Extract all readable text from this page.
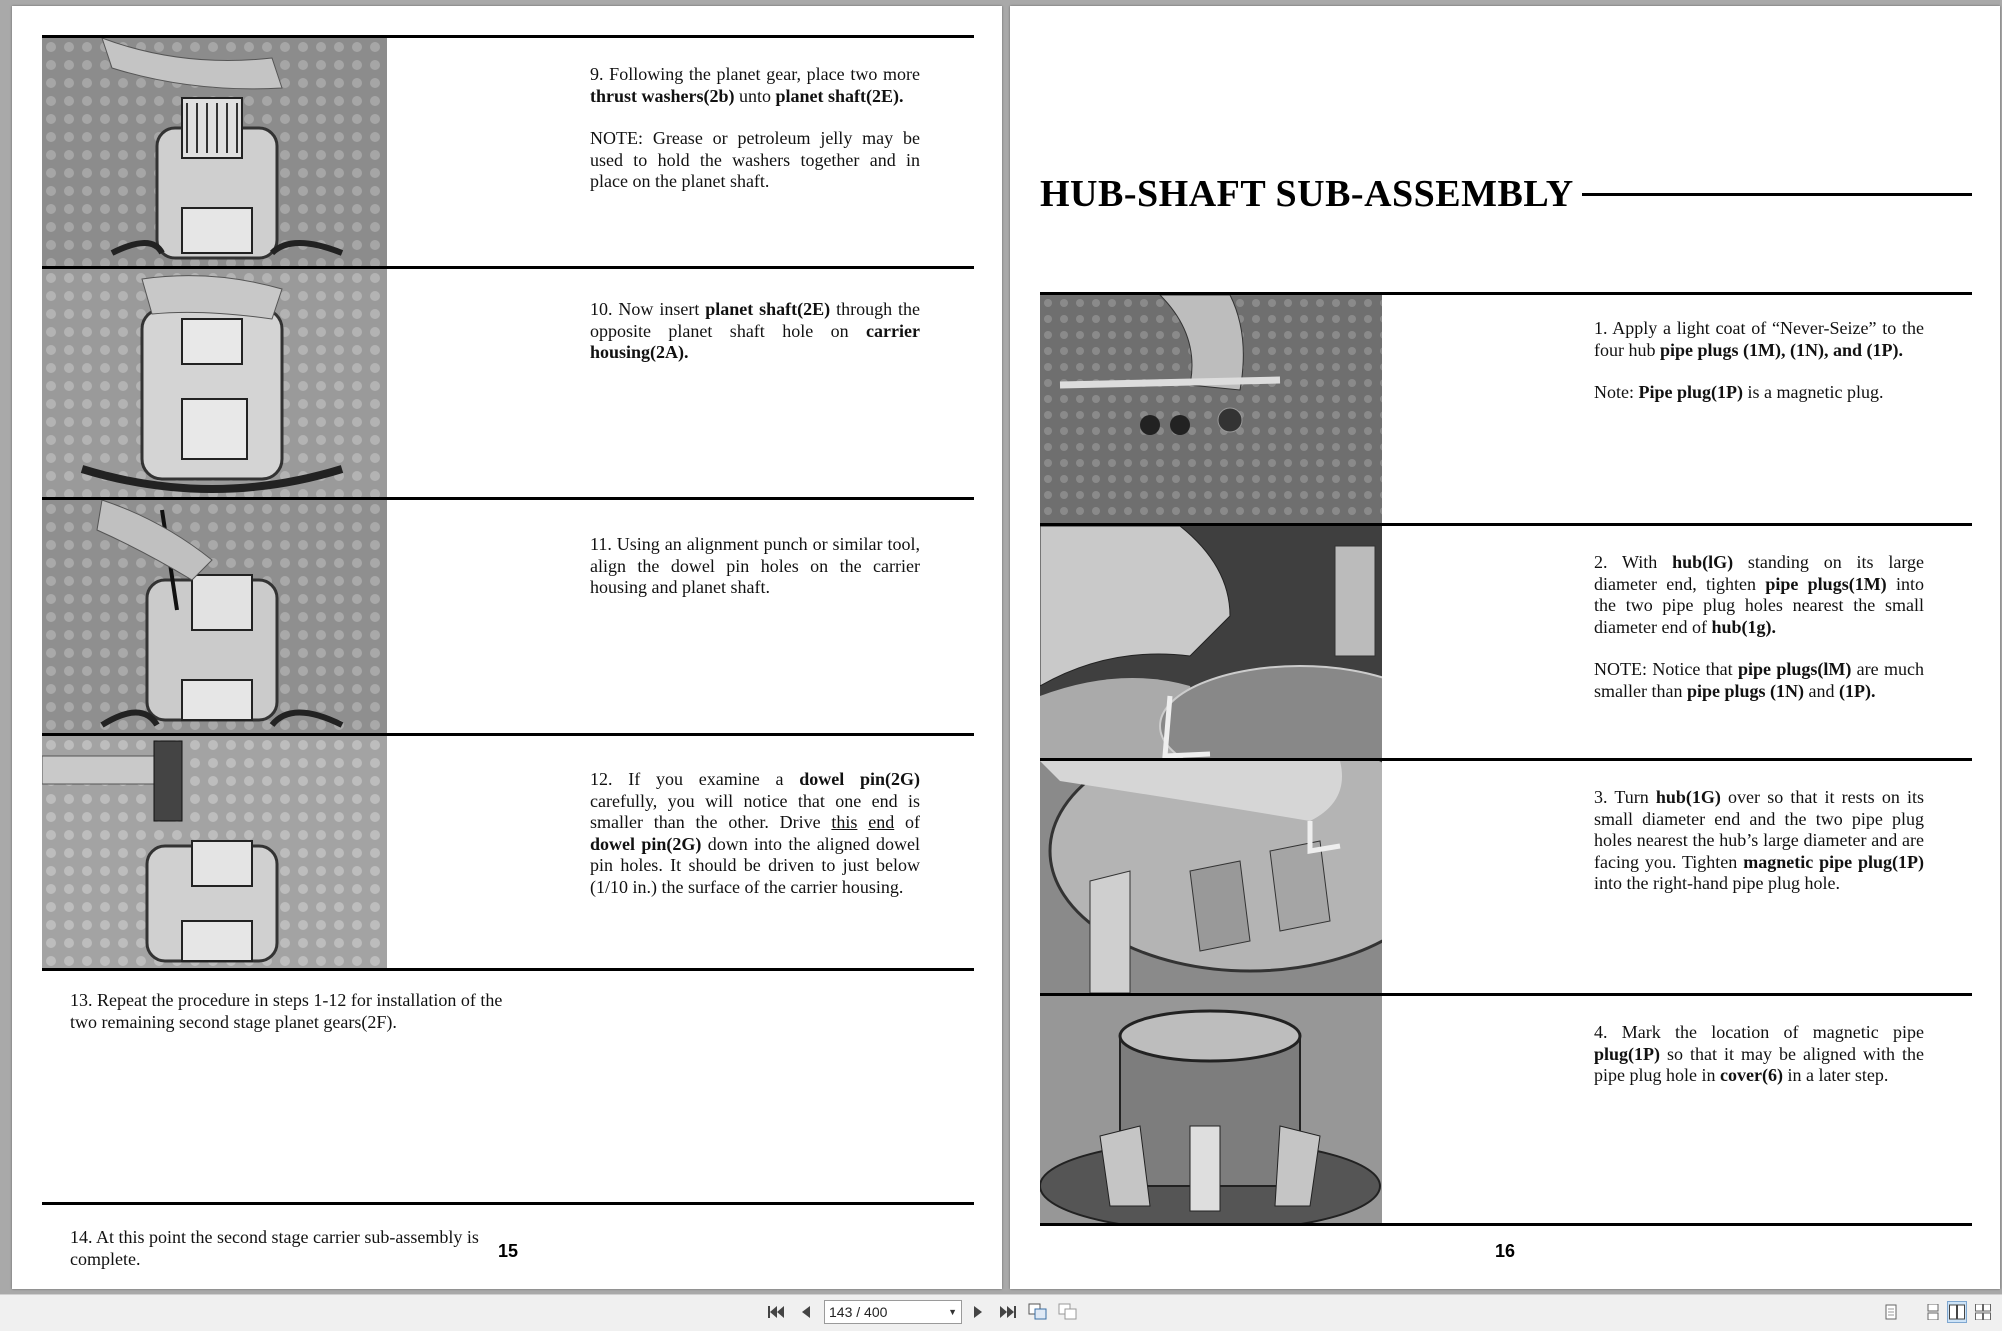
9. Following the planet gear, place two more thrust washers(2b) unto planet shaft(2E).

NOTE: Grease or petroleum jelly may be used to hold the washers together and in place on the planet shaft.

10. Now insert planet shaft(2E) through the opposite planet shaft hole on carrier housing(2A).

11. Using an alignment punch or similar tool, align the dowel pin holes on the carrier housing and planet shaft.

12. If you examine a dowel pin(2G) carefully, you will notice that one end is smaller than the other. Drive this end of dowel pin(2G) down into the aligned dowel pin holes. It should be driven to just below (1/10 in.) the surface of the carrier housing.

13. Repeat the procedure in steps 1-12 for installation of the two remaining second stage planet gears(2F).
14. At this point the second stage carrier sub-assembly is complete.	15
HUB-SHAFT SUB-ASSEMBLY

1. Apply a light coat of “Never-Seize” to the four hub pipe plugs (1M), (1N), and (1P).

Note: Pipe plug(1P) is a magnetic plug.

2. With hub(lG) standing on its large diameter end, tighten pipe plugs(1M) into the two pipe plug holes nearest the small diameter end of hub(1g).

NOTE: Notice that pipe plugs(lM) are much smaller than pipe plugs (1N) and (1P).

3. Turn hub(1G) over so that it rests on its small diameter end and the two pipe plug holes nearest the hub’s large diameter and are facing you. Tighten magnetic pipe plug(1P) into the right-hand pipe plug hole.

4. Mark the location of magnetic pipe plug(1P) so that it may be aligned with the pipe plug hole in cover(6) in a later step.

16
143 / 400	▼
